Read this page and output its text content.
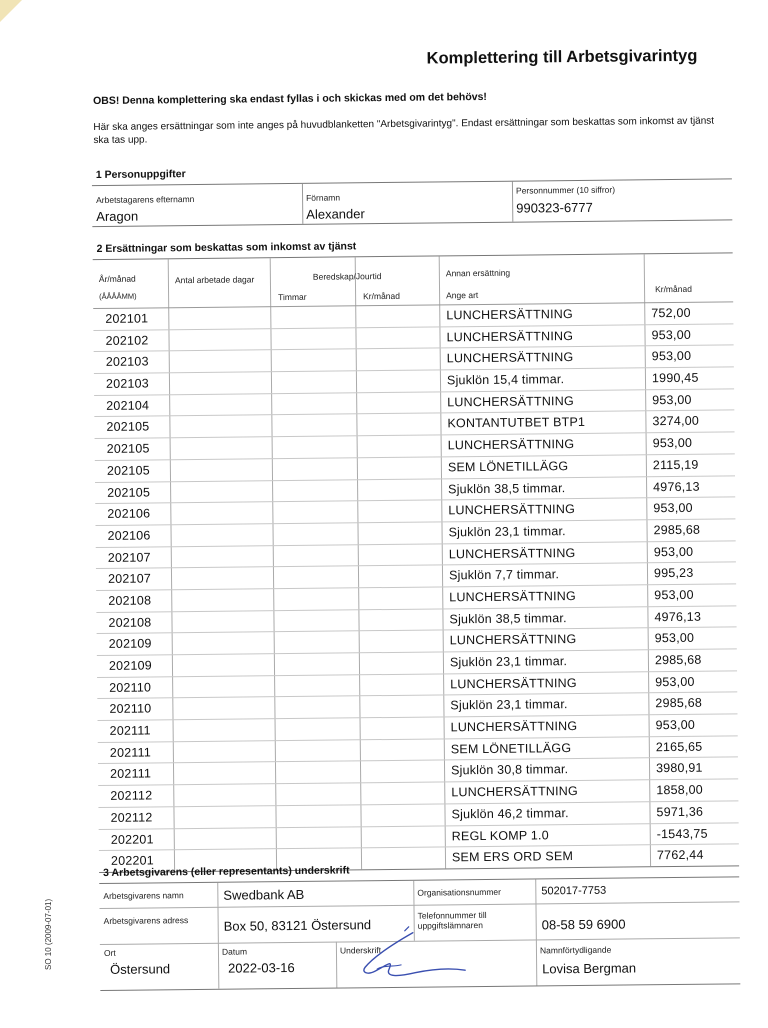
Komplettering till Arbetsgivarintyg
OBS! Denna komplettering ska endast fyllas i och skickas med om det behövs!
Här ska anges ersättningar som inte anges på huvudblanketten "Arbetsgivarintyg". Endast ersättningar som beskattas som inkomst av tjänst ska tas upp.
1 Personuppgifter
Arbetstagarens efternamn
Aragon
Förnamn
Alexander
Personnummer (10 siffror)
990323-6777
2 Ersättningar som beskattas som inkomst av tjänst
År/månad
(ÅÅÅÅMM)
Antal arbetade dagar	Beredskap/Jourtid
Timmar	Kr/månad
Annan ersättning
Ange art
Kr/månad
202101	LUNCHERSÄTTNING	752,00
202102	LUNCHERSÄTTNING	953,00
202103	LUNCHERSÄTTNING	953,00
202103	Sjuklön 15,4 timmar.	1990,45
202104	LUNCHERSÄTTNING	953,00
202105	KONTANTUTBET BTP1	3274,00
202105	LUNCHERSÄTTNING	953,00
202105	SEM LÖNETILLÄGG	2115,19
202105	Sjuklön 38,5 timmar.	4976,13
202106	LUNCHERSÄTTNING	953,00
202106	Sjuklön 23,1 timmar.	2985,68
202107	LUNCHERSÄTTNING	953,00
202107	Sjuklön 7,7 timmar.	995,23
202108	LUNCHERSÄTTNING	953,00
202108	Sjuklön 38,5 timmar.	4976,13
202109	LUNCHERSÄTTNING	953,00
202109	Sjuklön 23,1 timmar.	2985,68
202110	LUNCHERSÄTTNING	953,00
202110	Sjuklön 23,1 timmar.	2985,68
202111	LUNCHERSÄTTNING	953,00
202111	SEM LÖNETILLÄGG	2165,65
202111	Sjuklön 30,8 timmar.	3980,91
202112	LUNCHERSÄTTNING	1858,00
202112	Sjuklön 46,2 timmar.	5971,36
202201	REGL KOMP 1.0	-1543,75
202201	SEM ERS ORD SEM	7762,44
3 Arbetsgivarens (eller representants) underskrift
Arbetsgivarens namn	Swedbank AB	Organisationsnummer	502017-7753
Arbetsgivarens adress	Box 50, 83121 Östersund
Telefonnummer till uppgiftslämnaren	08-58 59 6900
Ort
Östersund
Datum
2022-03-16
Underskrift	Namnförtydligande
Lovisa Bergman
SO 10 (2009-07-01)
